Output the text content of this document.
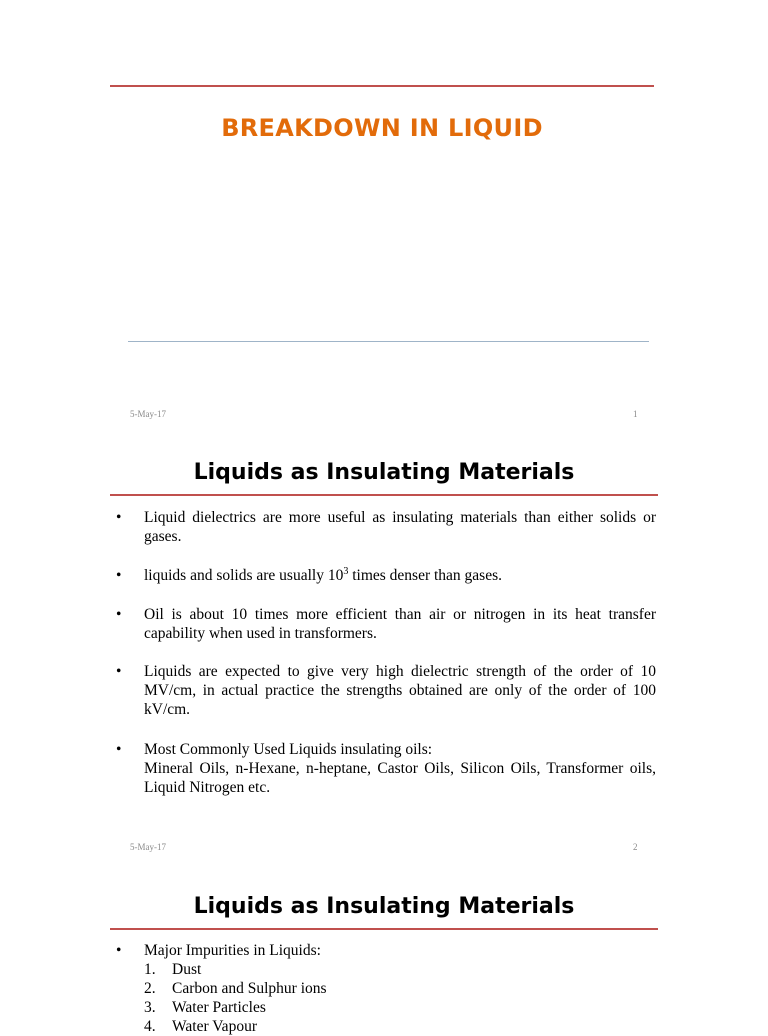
BREAKDOWN IN LIQUID
5-May-17	1
Liquids as Insulating Materials
•	Liquid dielectrics are more useful as insulating materials than either solids or gases.
•	liquids and solids are usually $10^3$ times denser than gases.
•	Oil is about 10 times more efficient than air or nitrogen in its heat transfer capability when used in transformers.
•	Liquids are expected to give very high dielectric strength of the order of 10 MV/cm, in actual practice the strengths obtained are only of the order of 100 kV/cm.
•	Most Commonly Used Liquids insulating oils:
Mineral Oils, n-Hexane, n-heptane, Castor Oils, Silicon Oils, Transformer oils, Liquid Nitrogen etc.
5-May-17	2
Liquids as Insulating Materials
•	Major Impurities in Liquids:
1. Dust
2. Carbon and Sulphur ions
3. Water Particles
4. Water Vapour
